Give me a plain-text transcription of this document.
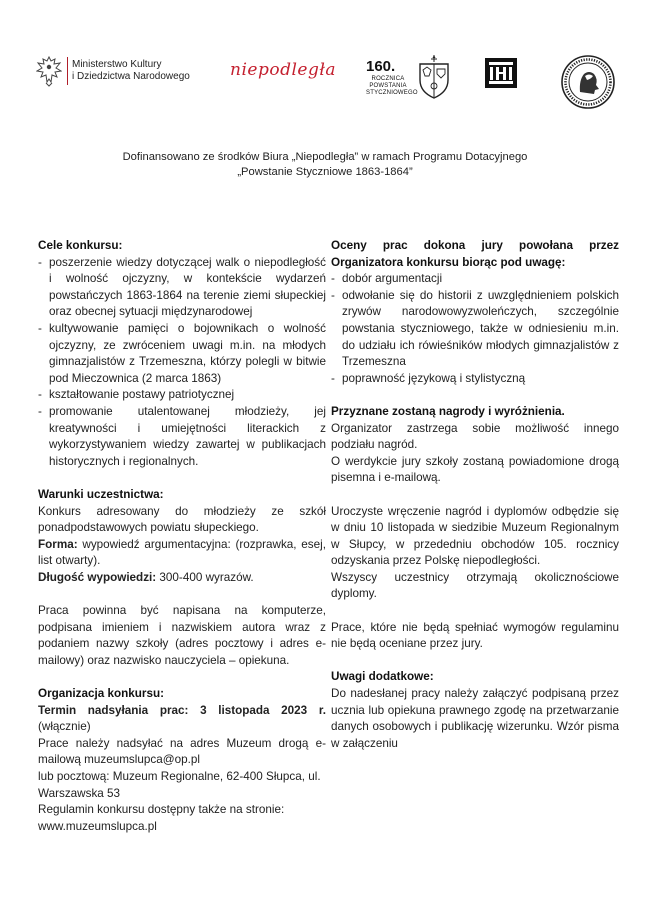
Ministerstwo Kultury
i Dziedzictwa Narodowego niepodległa 160.
ROCZNICA
POWSTANIA
STYCZNIOWEGO
Dofinansowano ze środków Biura „Niepodległa” w ramach Programu Dotacyjnego
„Powstanie Styczniowe 1863-1864”
Cele konkursu:
- poszerzenie wiedzy dotyczącej walk o niepodległość i wolność ojczyzny, w kontekście wydarzeń powstańczych 1863-1864 na terenie ziemi słupeckiej oraz obecnej sytuacji międzynarodowej
- kultywowanie pamięci o bojownikach o wolność ojczyzny, ze zwróceniem uwagi m.in. na młodych gimnazjalistów z Trzemeszna, którzy polegli w bitwie pod Mieczownica (2 marca 1863)
- kształtowanie postawy patriotycznej
- promowanie utalentowanej młodzieży, jej kreatywności i umiejętności literackich z wykorzystywaniem wiedzy zawartej w publikacjach historycznych i regionalnych.
Warunki uczestnictwa:
Konkurs adresowany do młodzieży ze szkół ponadpodstawowych powiatu słupeckiego.
Forma: wypowiedź argumentacyjna: (rozprawka, esej, list otwarty).
Długość wypowiedzi: 300-400 wyrazów.
Praca powinna być napisana na komputerze, podpisana imieniem i nazwiskiem autora wraz z podaniem nazwy szkoły (adres pocztowy i adres e-mailowy) oraz nazwisko nauczyciela – opiekuna.
Organizacja konkursu:
Termin nadsyłania prac: 3 listopada 2023 r. (włącznie)
Prace należy nadsyłać na adres Muzeum drogą e-mailową muzeumslupca@op.pl
lub pocztową: Muzeum Regionalne, 62-400 Słupca, ul. Warszawska 53
Regulamin konkursu dostępny także na stronie:
www.muzeumslupca.pl
Oceny prac dokona jury powołana przez Organizatora konkursu biorąc pod uwagę:
- dobór argumentacji
- odwołanie się do historii z uwzględnieniem polskich zrywów narodowowyzwoleńczych, szczególnie powstania styczniowego, także w odniesieniu m.in. do udziału ich rówieśników młodych gimnazjalistów z Trzemeszna
- poprawność językową i stylistyczną
Przyznane zostaną nagrody i wyróżnienia.
Organizator zastrzega sobie możliwość innego podziału nagród.
O werdykcie jury szkoły zostaną powiadomione drogą pisemna i e-mailową.
Uroczyste wręczenie nagród i dyplomów odbędzie się w dniu 10 listopada w siedzibie Muzeum Regionalnym w Słupcy, w przededniu obchodów 105. rocznicy odzyskania przez Polskę niepodległości.
Wszyscy uczestnicy otrzymają okolicznościowe dyplomy.
Prace, które nie będą spełniać wymogów regulaminu nie będą oceniane przez jury.
Uwagi dodatkowe:
Do nadesłanej pracy należy załączyć podpisaną przez ucznia lub opiekuna prawnego zgodę na przetwarzanie danych osobowych i publikację wizerunku. Wzór pisma w załączeniu
